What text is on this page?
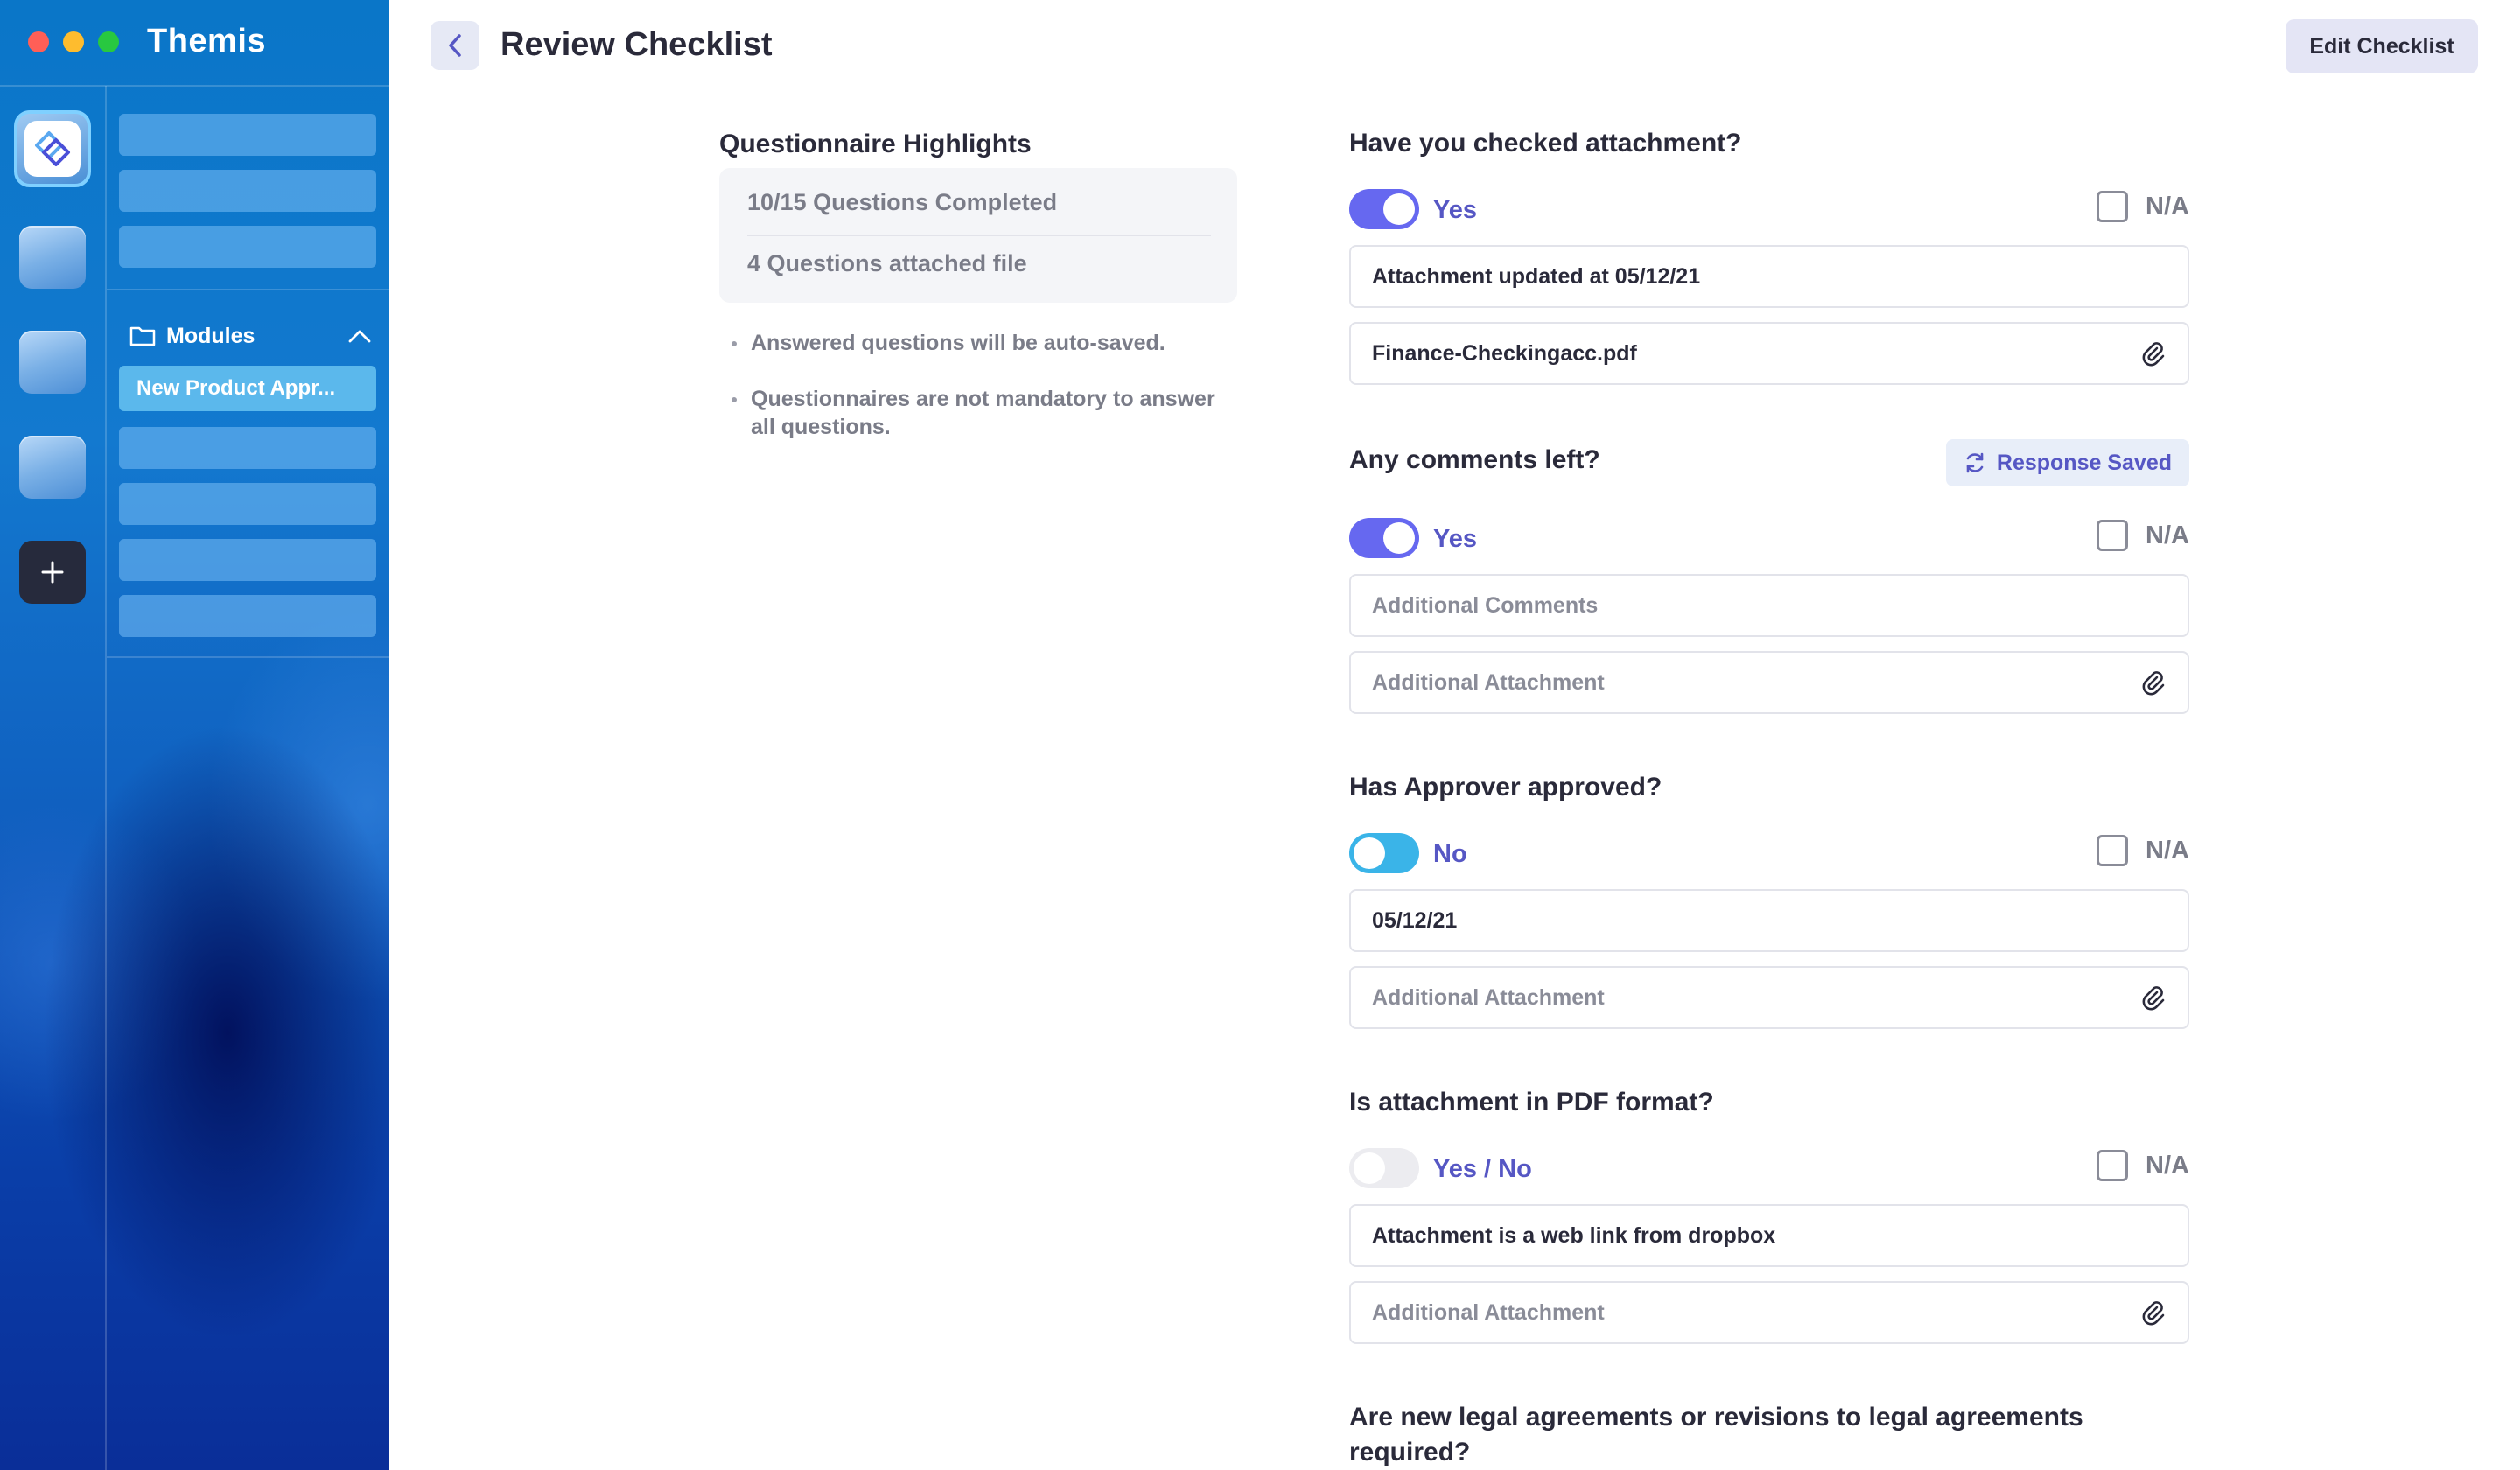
Themis
Modules
New Product Appr...
Review Checklist	Edit Checklist
Questionnaire Highlights
10/15 Questions Completed
4 Questions attached file
Answered questions will be auto-saved.
Questionnaires are not mandatory to answer all questions.
Have you checked attachment?
Yes	N/A
Attachment updated at 05/12/21
Finance-Checkingacc.pdf
Any comments left?	Response Saved
Yes	N/A
Additional Comments
Additional Attachment
Has Approver approved?
No	N/A
05/12/21
Additional Attachment
Is attachment in PDF format?
Yes / No	N/A
Attachment is a web link from dropbox
Additional Attachment
Are new legal agreements or revisions to legal agreements required?
